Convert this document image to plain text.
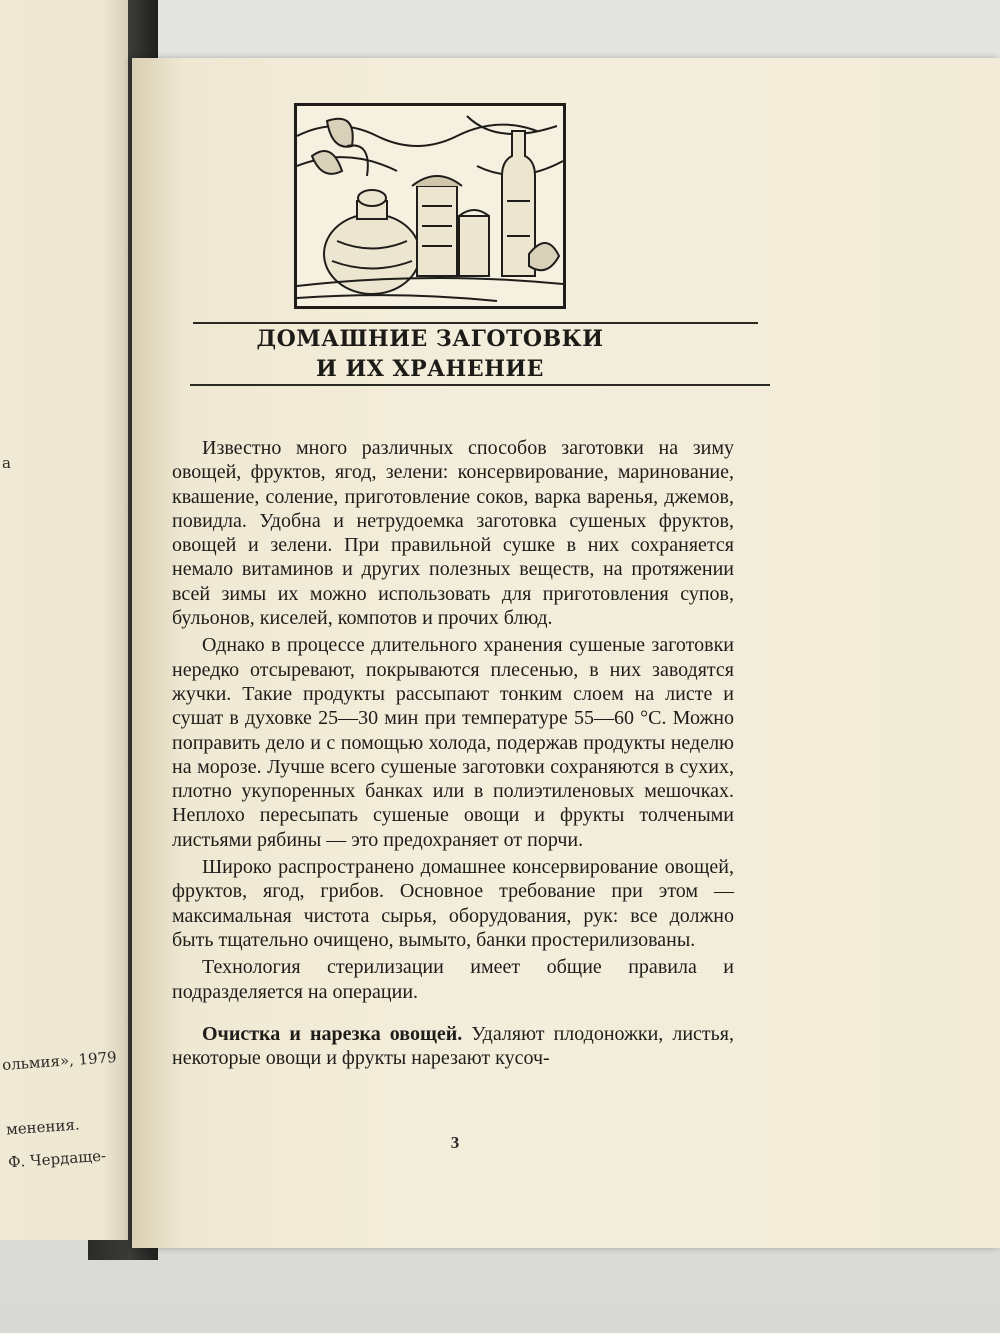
а
ольмия», 1979
менения.
Ф. Чердаще-
ДОМАШНИЕ ЗАГОТОВКИ
И ИХ ХРАНЕНИЕ

Известно много различных способов заготовки на зиму овощей, фруктов, ягод, зелени: консервирование, маринование, квашение, соление, приготовление соков, варка варенья, джемов, повидла. Удобна и нетрудоемка заготовка сушеных фруктов, овощей и зелени. При правильной сушке в них сохраняется немало витаминов и других полезных веществ, на протяжении всей зимы их можно использовать для приготовления супов, бульонов, киселей, компотов и прочих блюд.

Однако в процессе длительного хранения сушеные заготовки нередко отсыревают, покрываются плесенью, в них заводятся жучки. Такие продукты рассыпают тонким слоем на листе и сушат в духовке 25—30 мин при температуре 55—60 °С. Можно поправить дело и с помощью холода, подержав продукты неделю на морозе. Лучше всего сушеные заготовки сохраняются в сухих, плотно укупоренных банках или в полиэтиленовых мешочках. Неплохо пересыпать сушеные овощи и фрукты толчеными листьями рябины — это предохраняет от порчи.

Широко распространено домашнее консервирование овощей, фруктов, ягод, грибов. Основное требование при этом — максимальная чистота сырья, оборудования, рук: все должно быть тщательно очищено, вымыто, банки простерилизованы.

Технология стерилизации имеет общие правила и подразделяется на операции.

Очистка и нарезка овощей. Удаляют плодоножки, листья, некоторые овощи и фрукты нарезают кусоч-

3
